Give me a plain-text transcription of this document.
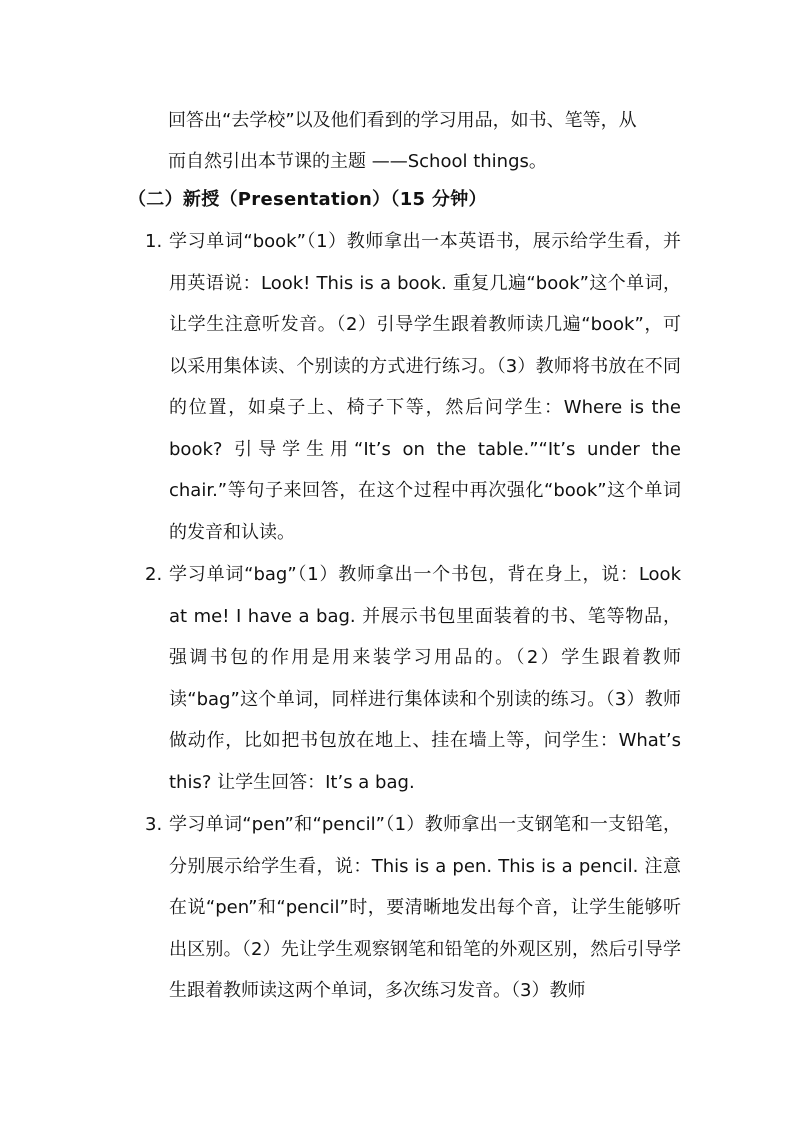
回答出“去学校”以及他们看到的学习用品，如书、笔等，从

而自然引出本节课的主题 ——School things。

（二）新授（Presentation）（15 分钟）
1. 学习单词“book”（1）教师拿出一本英语书，展示给学生看，并用英语说：Look! This is a book. 重复几遍“book”这个单词，让学生注意听发音。（2）引导学生跟着教师读几遍“book”，可以采用集体读、个别读的方式进行练习。（3）教师将书放在不同的位置，如桌子上、椅子下等，然后问学生：Where is the book? 引导学生用“It’s on the table.”“It’s under the chair.”等句子来回答，在这个过程中再次强化“book”这个单词的发音和认读。
2. 学习单词“bag”（1）教师拿出一个书包，背在身上，说：Look at me! I have a bag. 并展示书包里面装着的书、笔等物品，强调书包的作用是用来装学习用品的。（2）学生跟着教师读“bag”这个单词，同样进行集体读和个别读的练习。（3）教师做动作，比如把书包放在地上、挂在墙上等，问学生：What’s this? 让学生回答：It’s a bag.
3. 学习单词“pen”和“pencil”（1）教师拿出一支钢笔和一支铅笔，分别展示给学生看，说：This is a pen. This is a pencil. 注意在说“pen”和“pencil”时，要清晰地发出每个音，让学生能够听出区别。（2）先让学生观察钢笔和铅笔的外观区别，然后引导学生跟着教师读这两个单词，多次练习发音。（3）教师
